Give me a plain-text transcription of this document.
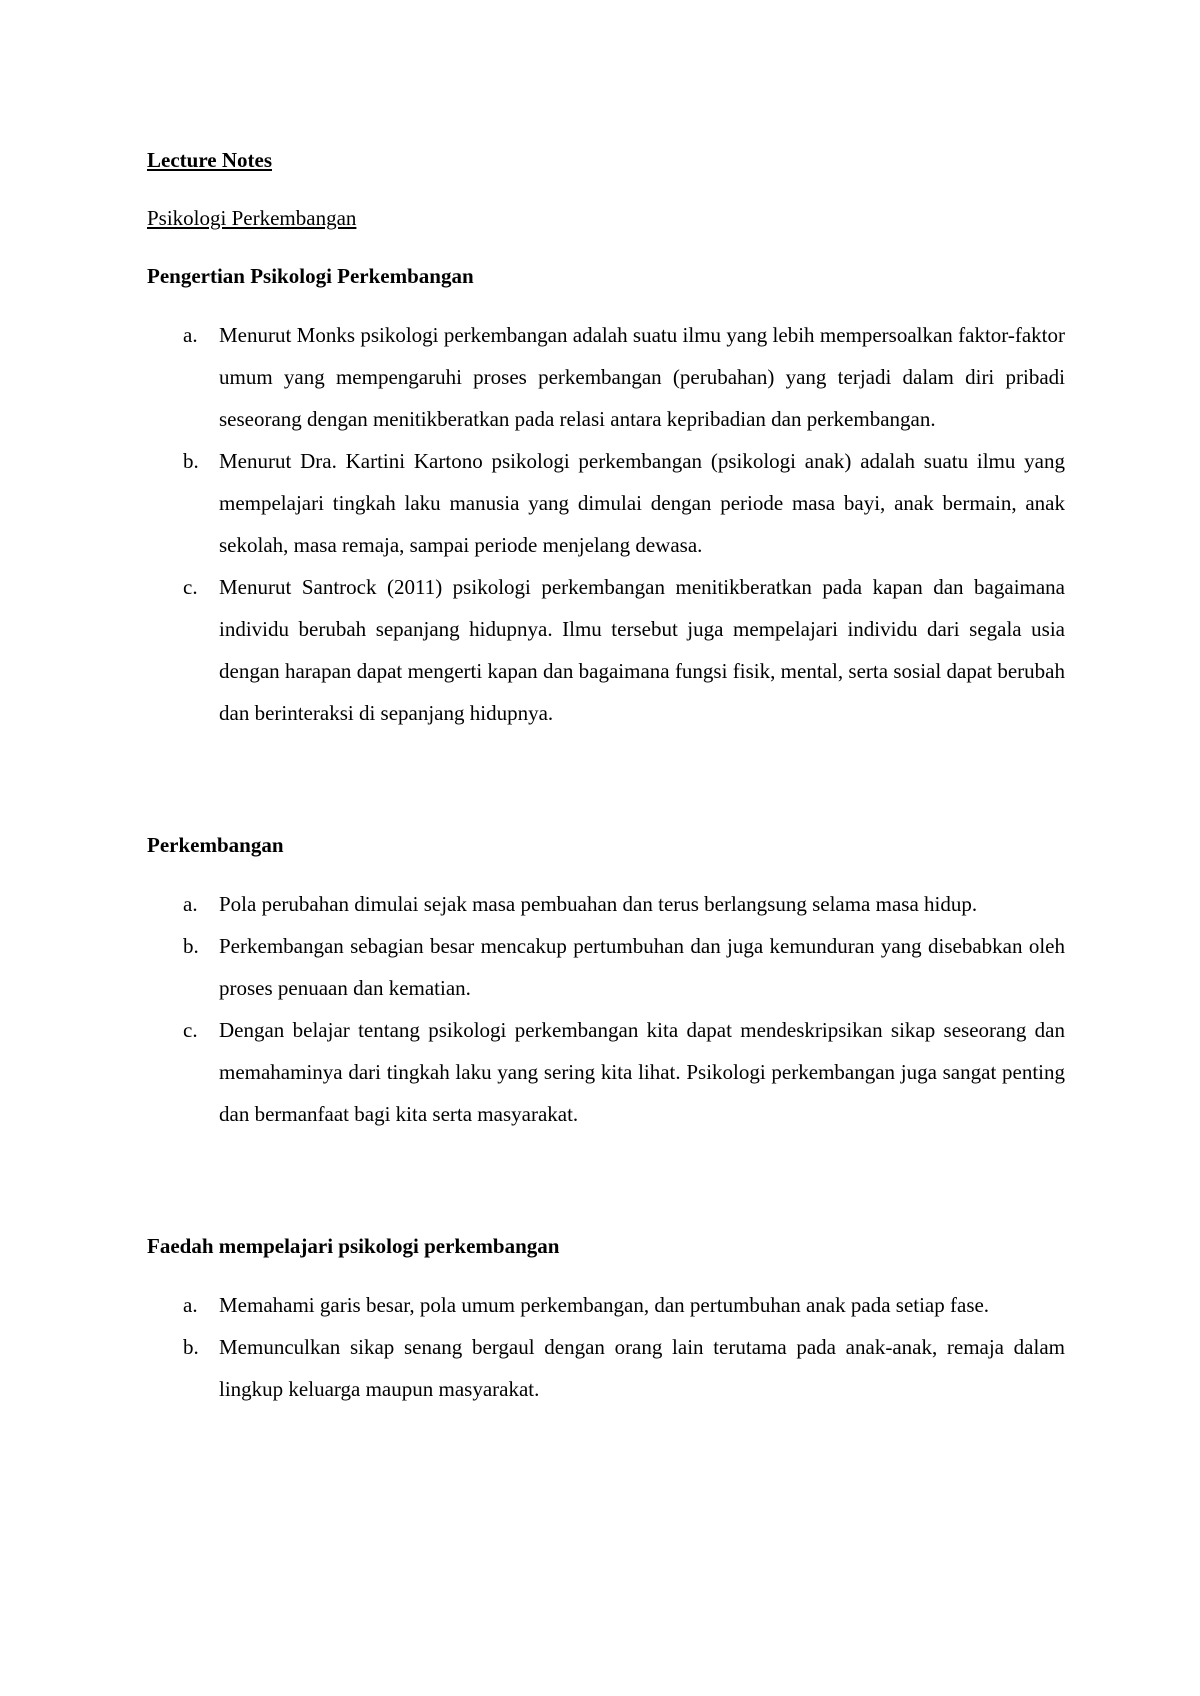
Lecture Notes

Psikologi Perkembangan

Pengertian Psikologi Perkembangan

a. Menurut Monks psikologi perkembangan adalah suatu ilmu yang lebih mempersoalkan faktor-faktor umum yang mempengaruhi proses perkembangan (perubahan) yang terjadi dalam diri pribadi seseorang dengan menitikberatkan pada relasi antara kepribadian dan perkembangan.
b. Menurut Dra. Kartini Kartono psikologi perkembangan (psikologi anak) adalah suatu ilmu yang mempelajari tingkah laku manusia yang dimulai dengan periode masa bayi, anak bermain, anak sekolah, masa remaja, sampai periode menjelang dewasa.
c. Menurut Santrock (2011) psikologi perkembangan menitikberatkan pada kapan dan bagaimana individu berubah sepanjang hidupnya. Ilmu tersebut juga mempelajari individu dari segala usia dengan harapan dapat mengerti kapan dan bagaimana fungsi fisik, mental, serta sosial dapat berubah dan berinteraksi di sepanjang hidupnya.

Perkembangan

a. Pola perubahan dimulai sejak masa pembuahan dan terus berlangsung selama masa hidup.
b. Perkembangan sebagian besar mencakup pertumbuhan dan juga kemunduran yang disebabkan oleh proses penuaan dan kematian.
c. Dengan belajar tentang psikologi perkembangan kita dapat mendeskripsikan sikap seseorang dan memahaminya dari tingkah laku yang sering kita lihat. Psikologi perkembangan juga sangat penting dan bermanfaat bagi kita serta masyarakat.

Faedah mempelajari psikologi perkembangan

a. Memahami garis besar, pola umum perkembangan, dan pertumbuhan anak pada setiap fase.
b. Memunculkan sikap senang bergaul dengan orang lain terutama pada anak-anak, remaja dalam lingkup keluarga maupun masyarakat.
